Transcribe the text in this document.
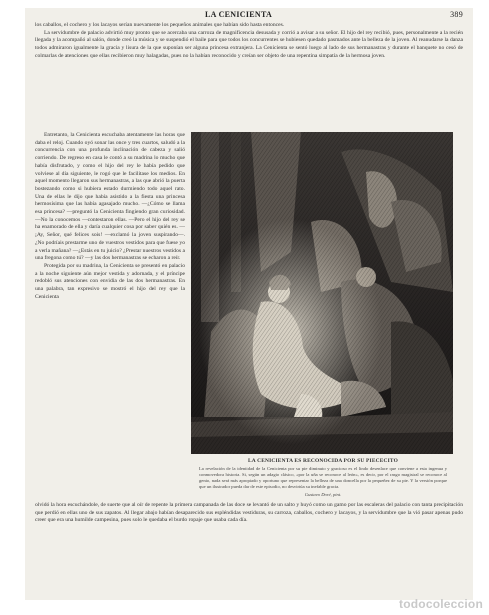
LA CENICIENTA	389

los caballos, el cochero y los lacayos serían nuevamente los pequeños animales que habían sido hasta entonces.

La servidumbre de palacio advirtió muy pronto que se acercaba una carroza de magnificencia desusada y corrió a avisar a su señor. El hijo del rey recibió, pues, personalmente a la recién llegada y la acompañó al salón, donde creó la música y se suspendió el baile para que todos los concurrentes se hubiesen quedado pasmados ante la belleza de la joven. Al reanudarse la danza todos admiraron igualmente la gracia y lisura de la que suponían ser alguna princesa extranjera. La Cenicienta se sentó luego al lado de sus hermanastras y durante el banquete no cesó de colmarlas de atenciones que ellas recibieron muy halagadas, pues no la habían reconocido y creían ser objeto de una repentina simpatía de la hermosa joven.

Entretanto, la Cenicienta escuchaba atentamente las horas que daba el reloj. Cuando oyó sonar las once y tres cuartos, saludó a la concurrencia con una profunda inclinación de cabeza y salió corriendo. De regreso en casa le contó a su madrina lo mucho que había disfrutado, y como el hijo del rey le había pedido que volviese al día siguiente, le rogó que le facilitase los medios. En aquel momento llegaron sus hermanastras, a las que abrió la puerta bostezando como si hubiera estado durmiendo todo aquel rato. Una de ellas le dijo que había asistido a la fiesta una princesa hermosísima que las había agasajado mucho. —¿Cómo se llama esa princesa? —preguntó la Cenicienta fingiendo gran curiosidad. —No la conocemos —contestaron ellas. —Pero el hijo del rey se ha enamorado de ella y daría cualquier cosa por saber quién es. —¡Ay, Señor, qué felices sois! —exclamó la joven suspirando—. ¿No podríais prestarme uno de vuestros vestidos para que fuese yo a verla mañana? —¿Estás en tu juicio? ¿Prestar nuestros vestidos a una fregona como tú? —y las dos hermanastras se echaron a reír.

Protegida por su madrina, la Cenicienta se presentó en palacio a la noche siguiente aún mejor vestida y adornada, y el príncipe redobló sus atenciones con envidia de las dos hermanastras. En una palabra, tan expresivo se mostró el hijo del rey que la Cenicienta

LA CENICIENTA ES RECONOCIDA POR SU PIECECITO
La revelación de la identidad de la Cenicienta por su pie diminuto y gracioso es el lindo desenlace que conviene a esta ingenua y conmovedora historia. Si, según un adagio clásico, «por la uña se reconoce al león», es decir, por el rasgo magistral se reconoce al genio, nada será más apropiado y oportuno que representar la belleza de una doncella por la pequeñez de su pie. Y la versión porque que un ilustrador pueda dar de este episodio, no desvirtúa su inefable gracia.
Gustavo Doré, pint.

olvidó la hora escuchándole, de suerte que al oír de repente la primera campanada de las doce se levantó de un salto y huyó como un gamo por las escaleras del palacio con tanta precipitación que perdió en ellas uno de sus zapatos. Al llegar abajo habían desaparecido sus espléndidas vestiduras, su carroza, caballos, cochero y lacayos, y la servidumbre que la vió pasar apenas pudo creer que era una humilde campesina, pues solo le quedaba el burdo ropaje que usaba cada día.

todocoleccion
